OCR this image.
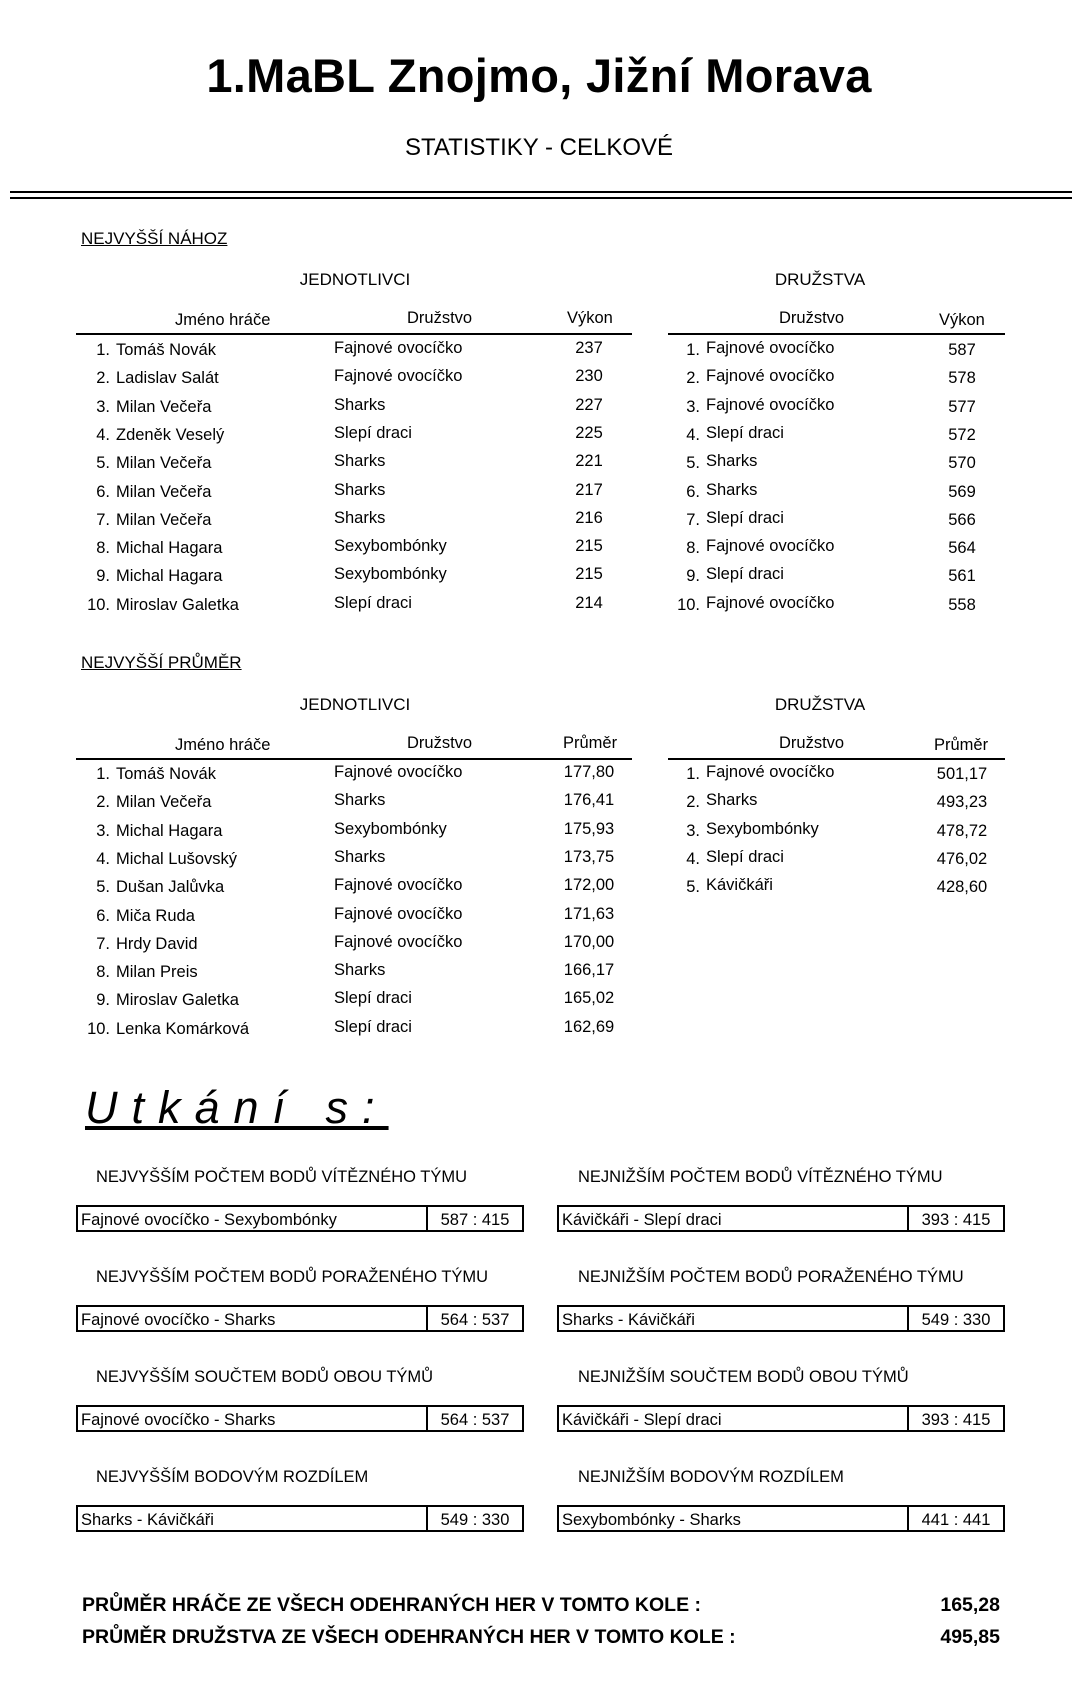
1.MaBL Znojmo, Jižní Morava
STATISTIKY - CELKOVÉ
NEJVYŠŠÍ NÁHOZ
JEDNOTLIVCI	DRUŽSTVA
Jméno hráče	Družstvo	Výkon	Družstvo	Výkon
1. Tomáš Novák	Fajnové ovocíčko	237
2. Ladislav Salát	Fajnové ovocíčko	230
3. Milan Večeřa	Sharks	227
4. Zdeněk Veselý	Slepí draci	225
5. Milan Večeřa	Sharks	221
6. Milan Večeřa	Sharks	217
7. Milan Večeřa	Sharks	216
8. Michal Hagara	Sexybombónky	215
9. Michal Hagara	Sexybombónky	215
10. Miroslav Galetka	Slepí draci	214
1. Fajnové ovocíčko	587
2. Fajnové ovocíčko	578
3. Fajnové ovocíčko	577
4. Slepí draci	572
5. Sharks	570
6. Sharks	569
7. Slepí draci	566
8. Fajnové ovocíčko	564
9. Slepí draci	561
10. Fajnové ovocíčko	558
NEJVYŠŠÍ PRŮMĚR
JEDNOTLIVCI	DRUŽSTVA
Jméno hráče	Družstvo	Průměr	Družstvo	Průměr
1. Tomáš Novák	Fajnové ovocíčko	177,80
2. Milan Večeřa	Sharks	176,41
3. Michal Hagara	Sexybombónky	175,93
4. Michal Lušovský	Sharks	173,75
5. Dušan Jalůvka	Fajnové ovocíčko	172,00
6. Miča Ruda	Fajnové ovocíčko	171,63
7. Hrdy David	Fajnové ovocíčko	170,00
8. Milan Preis	Sharks	166,17
9. Miroslav Galetka	Slepí draci	165,02
10. Lenka Komárková	Slepí draci	162,69
1. Fajnové ovocíčko	501,17
2. Sharks	493,23
3. Sexybombónky	478,72
4. Slepí draci	476,02
5. Kávičkáři	428,60
Utkání s:
NEJVYŠŠÍM POČTEM BODŮ VÍTĚZNÉHO TÝMU
Fajnové ovocíčko - Sexybombónky	587 : 415
NEJNIŽŠÍM POČTEM BODŮ VÍTĚZNÉHO TÝMU
Kávičkáři - Slepí draci	393 : 415
NEJVYŠŠÍM POČTEM BODŮ PORAŽENÉHO TÝMU
Fajnové ovocíčko - Sharks	564 : 537
NEJNIŽŠÍM POČTEM BODŮ PORAŽENÉHO TÝMU
Sharks - Kávičkáři	549 : 330
NEJVYŠŠÍM SOUČTEM BODŮ OBOU TÝMŮ
Fajnové ovocíčko - Sharks	564 : 537
NEJNIŽŠÍM SOUČTEM BODŮ OBOU TÝMŮ
Kávičkáři - Slepí draci	393 : 415
NEJVYŠŠÍM BODOVÝM ROZDÍLEM
Sharks - Kávičkáři	549 : 330
NEJNIŽŠÍM BODOVÝM ROZDÍLEM
Sexybombónky - Sharks	441 : 441
PRŮMĚR HRÁČE ZE VŠECH ODEHRANÝCH HER V TOMTO KOLE :	165,28
PRŮMĚR DRUŽSTVA ZE VŠECH ODEHRANÝCH HER V TOMTO KOLE :	495,85
